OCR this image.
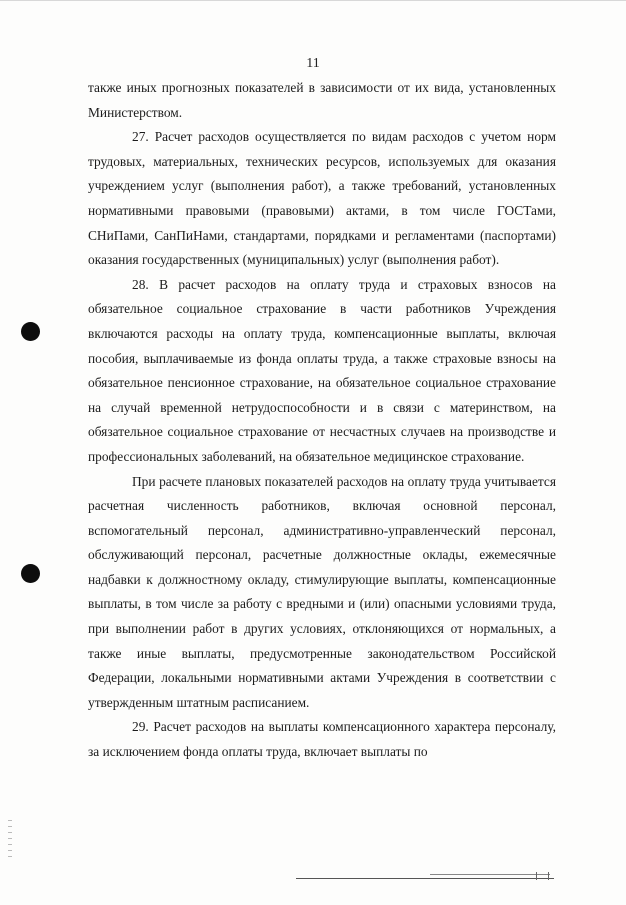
11

также иных прогнозных показателей в зависимости от их вида, установленных Министерством.

27. Расчет расходов осуществляется по видам расходов с учетом норм трудовых, материальных, технических ресурсов, используемых для оказания учреждением услуг (выполнения работ), а также требований, установленных нормативными правовыми (правовыми) актами, в том числе ГОСТами, СНиПами, СанПиНами, стандартами, порядками и регламентами (паспортами) оказания государственных (муниципальных) услуг (выполнения работ).

28. В расчет расходов на оплату труда и страховых взносов на обязательное социальное страхование в части работников Учреждения включаются расходы на оплату труда, компенсационные выплаты, включая пособия, выплачиваемые из фонда оплаты труда, а также страховые взносы на обязательное пенсионное страхование, на обязательное социальное страхование на случай временной нетрудоспособности и в связи с материнством, на обязательное социальное страхование от несчастных случаев на производстве и профессиональных заболеваний, на обязательное медицинское страхование.

При расчете плановых показателей расходов на оплату труда учитывается расчетная численность работников, включая основной персонал, вспомогательный персонал, административно-управленческий персонал, обслуживающий персонал, расчетные должностные оклады, ежемесячные надбавки к должностному окладу, стимулирующие выплаты, компенсационные выплаты, в том числе за работу с вредными и (или) опасными условиями труда, при выполнении работ в других условиях, отклоняющихся от нормальных, а также иные выплаты, предусмотренные законодательством Российской Федерации, локальными нормативными актами Учреждения в соответствии с утвержденным штатным расписанием.

29. Расчет расходов на выплаты компенсационного характера персоналу, за исключением фонда оплаты труда, включает выплаты по
